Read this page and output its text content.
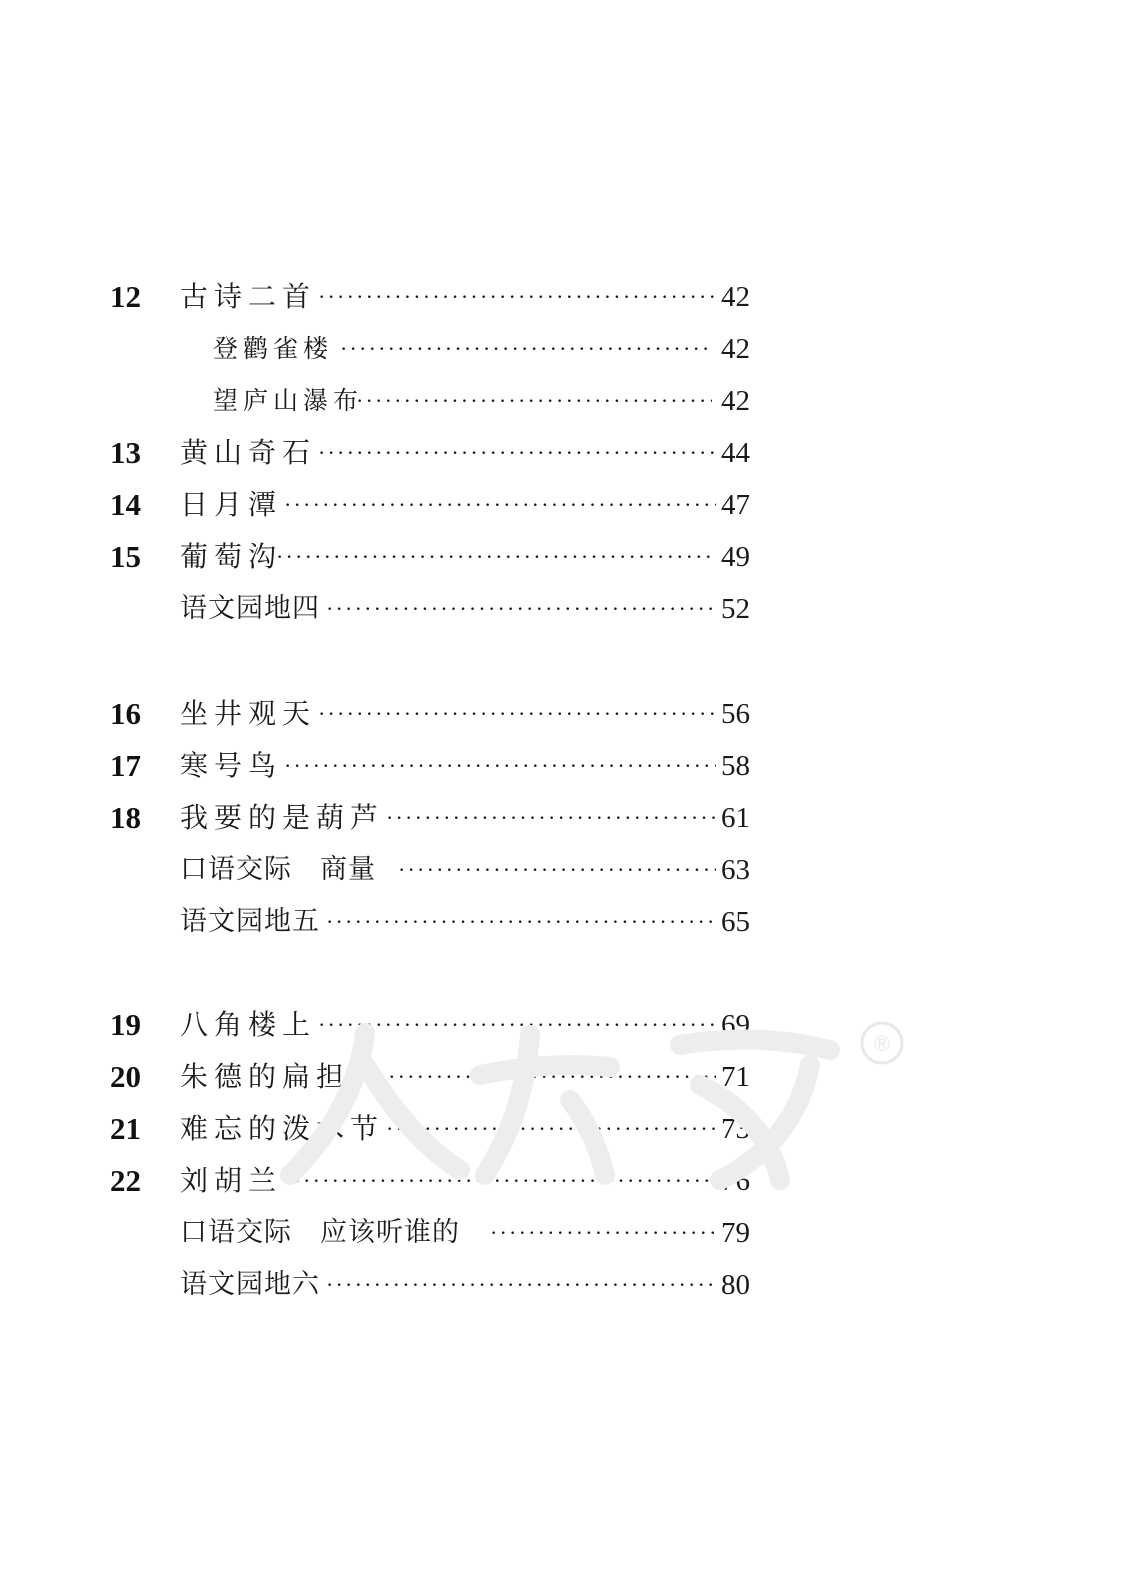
12	古诗二首 ·····	42
登鹳雀楼 ·····	42
望庐山瀑布 ·····	42
13	黄山奇石 ·····	44
14	日月潭 ·····	47
15	葡萄沟 ·····	49
语文园地四 ·····	52
16	坐井观天 ·····	56
17	寒号鸟 ·····	58
18	我要的是葫芦 ·····	61
口语交际　商量 ·····	63
语文园地五 ·····	65
19	八角楼上 ·····	69
20	朱德的扁担 ·····	71
21	难忘的泼水节 ·····	73
22	刘胡兰 ·····	76
口语交际　应该听谁的 ·····	79
语文园地六 ·····	80
®
